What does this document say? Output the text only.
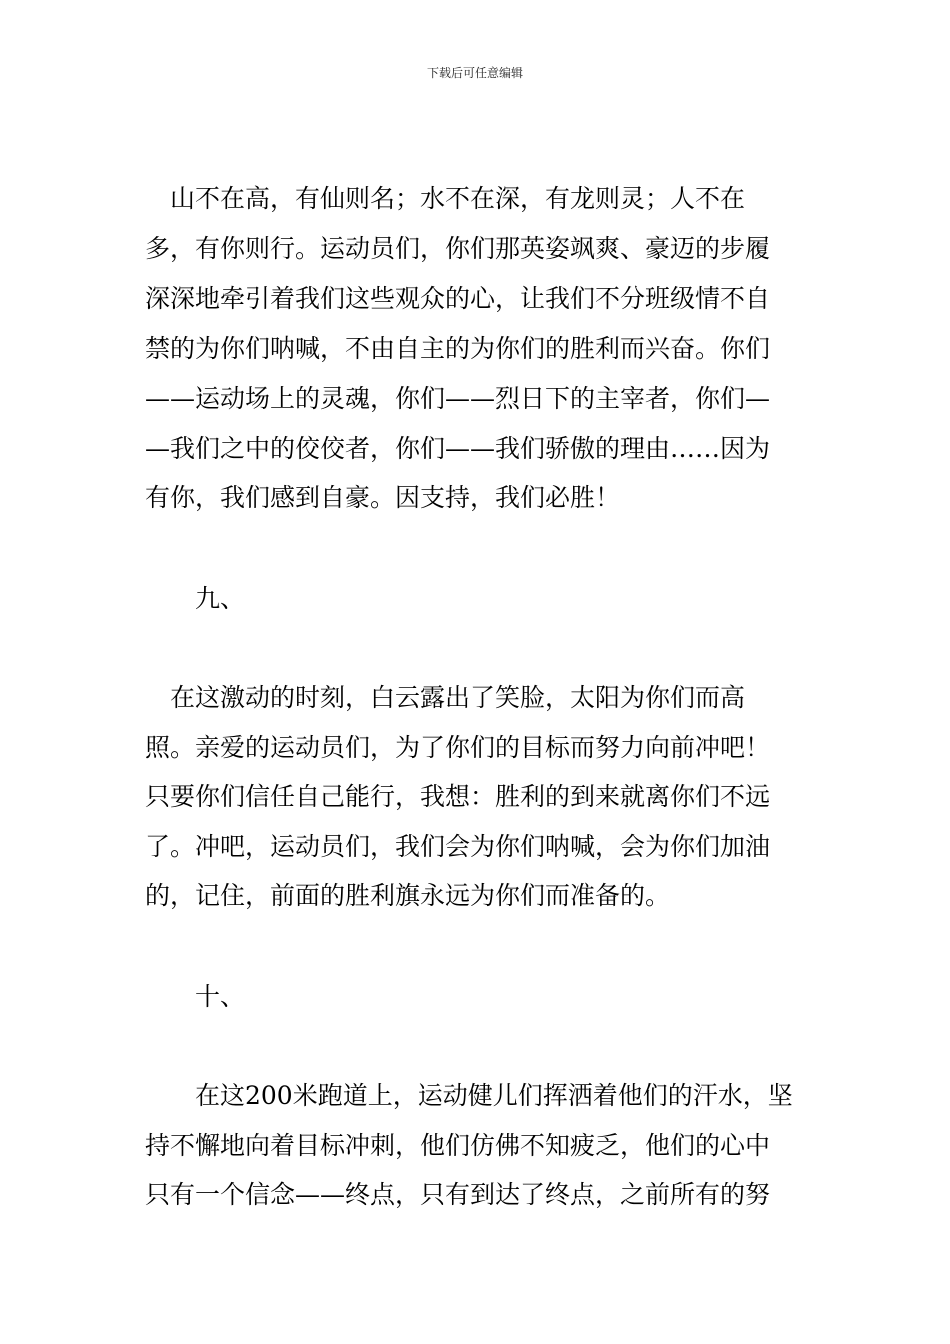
下载后可任意编辑
　山不在高，有仙则名；水不在深，有龙则灵；人不在
多，有你则行。运动员们，你们那英姿飒爽、豪迈的步履
深深地牵引着我们这些观众的心，让我们不分班级情不自
禁的为你们呐喊，不由自主的为你们的胜利而兴奋。你们
——运动场上的灵魂，你们——烈日下的主宰者，你们—
—我们之中的佼佼者，你们——我们骄傲的理由……因为
有你，我们感到自豪。因支持，我们必胜！
　　九、
　在这激动的时刻，白云露出了笑脸，太阳为你们而高
照。亲爱的运动员们，为了你们的目标而努力向前冲吧！
只要你们信任自己能行，我想：胜利的到来就离你们不远
了。冲吧，运动员们，我们会为你们呐喊，会为你们加油
的，记住，前面的胜利旗永远为你们而准备的。
　　十、
　　在这200米跑道上，运动健儿们挥洒着他们的汗水，坚
持不懈地向着目标冲刺，他们仿佛不知疲乏，他们的心中
只有一个信念——终点，只有到达了终点，之前所有的努
